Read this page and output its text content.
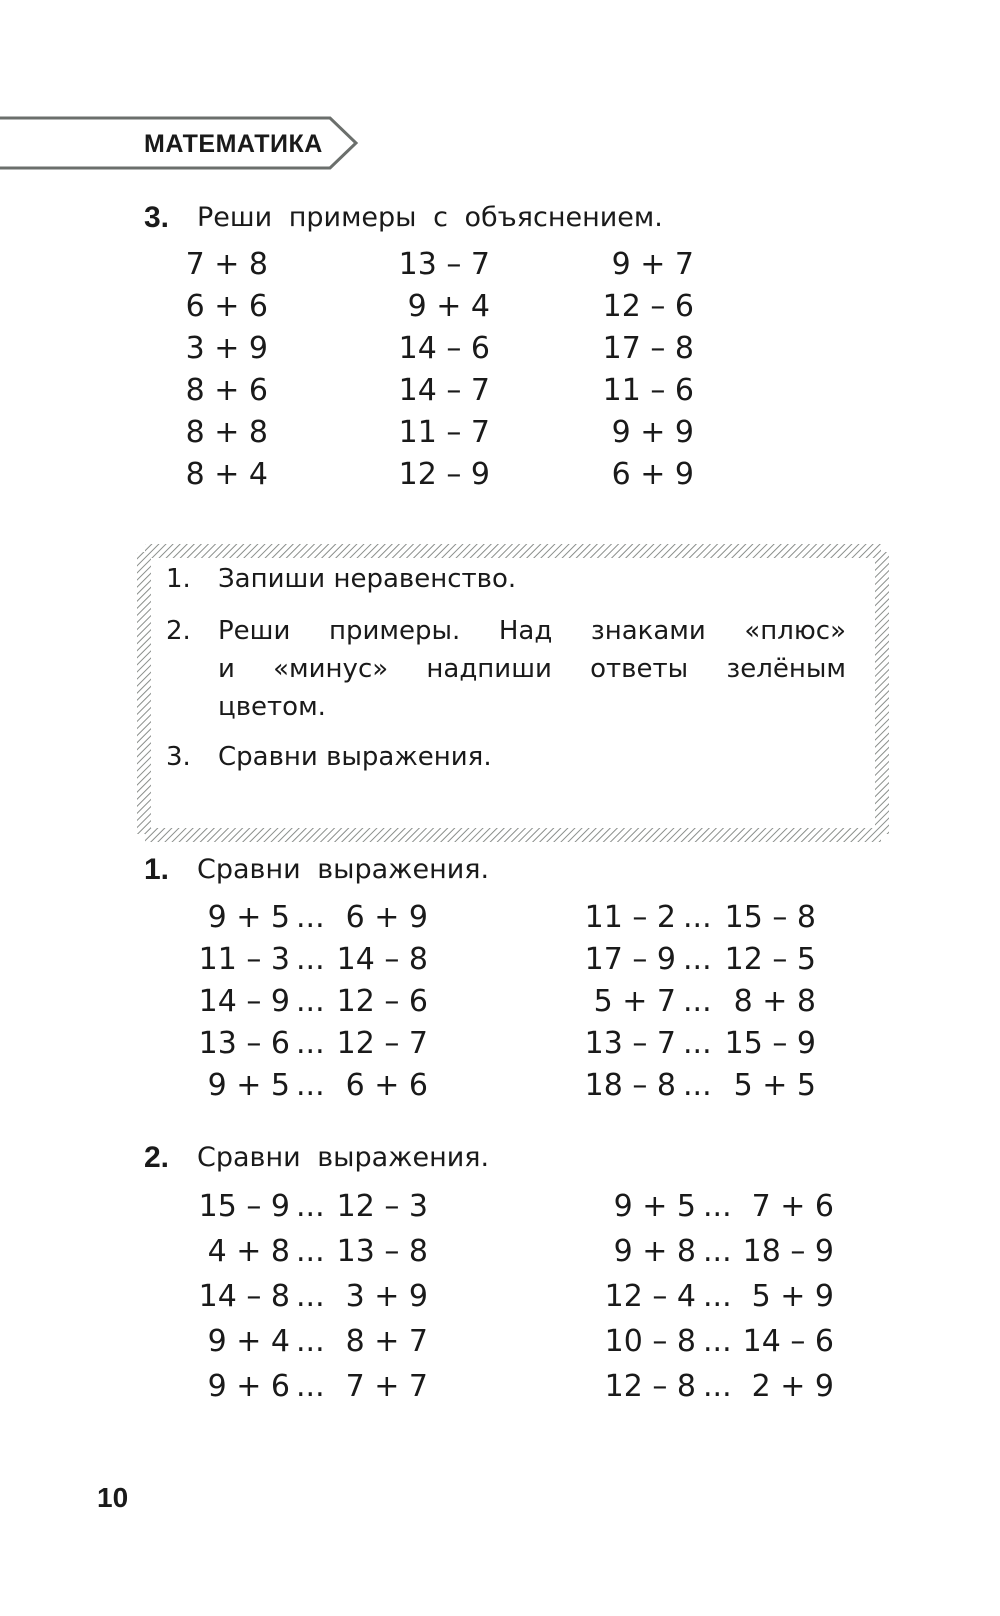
МАТЕМАТИКА
3. Реши примеры с объяснением.
7 + 8
6 + 6
3 + 9
8 + 6
8 + 8
8 + 4
13 – 7
9 + 4
14 – 6
14 – 7
11 – 7
12 – 9
9 + 7
12 – 6
17 – 8
11 – 6
9 + 9
6 + 9
1. Запиши неравенство.
2. Реши примеры. Над знаками «плюс»
и «минус» надпиши ответы зелёным
цветом.
3. Сравни выражения.
1. Сравни выражения.
9 + 5 ... 6 + 9
11 – 3 ... 14 – 8
14 – 9 ... 12 – 6
13 – 6 ... 12 – 7
9 + 5 ... 6 + 6
11 – 2 ... 15 – 8
17 – 9 ... 12 – 5
5 + 7 ... 8 + 8
13 – 7 ... 15 – 9
18 – 8 ... 5 + 5
2. Сравни выражения.
15 – 9 ... 12 – 3
4 + 8 ... 13 – 8
14 – 8 ... 3 + 9
9 + 4 ... 8 + 7
9 + 6 ... 7 + 7
9 + 5 ... 7 + 6
9 + 8 ... 18 – 9
12 – 4 ... 5 + 9
10 – 8 ... 14 – 6
12 – 8 ... 2 + 9
10
